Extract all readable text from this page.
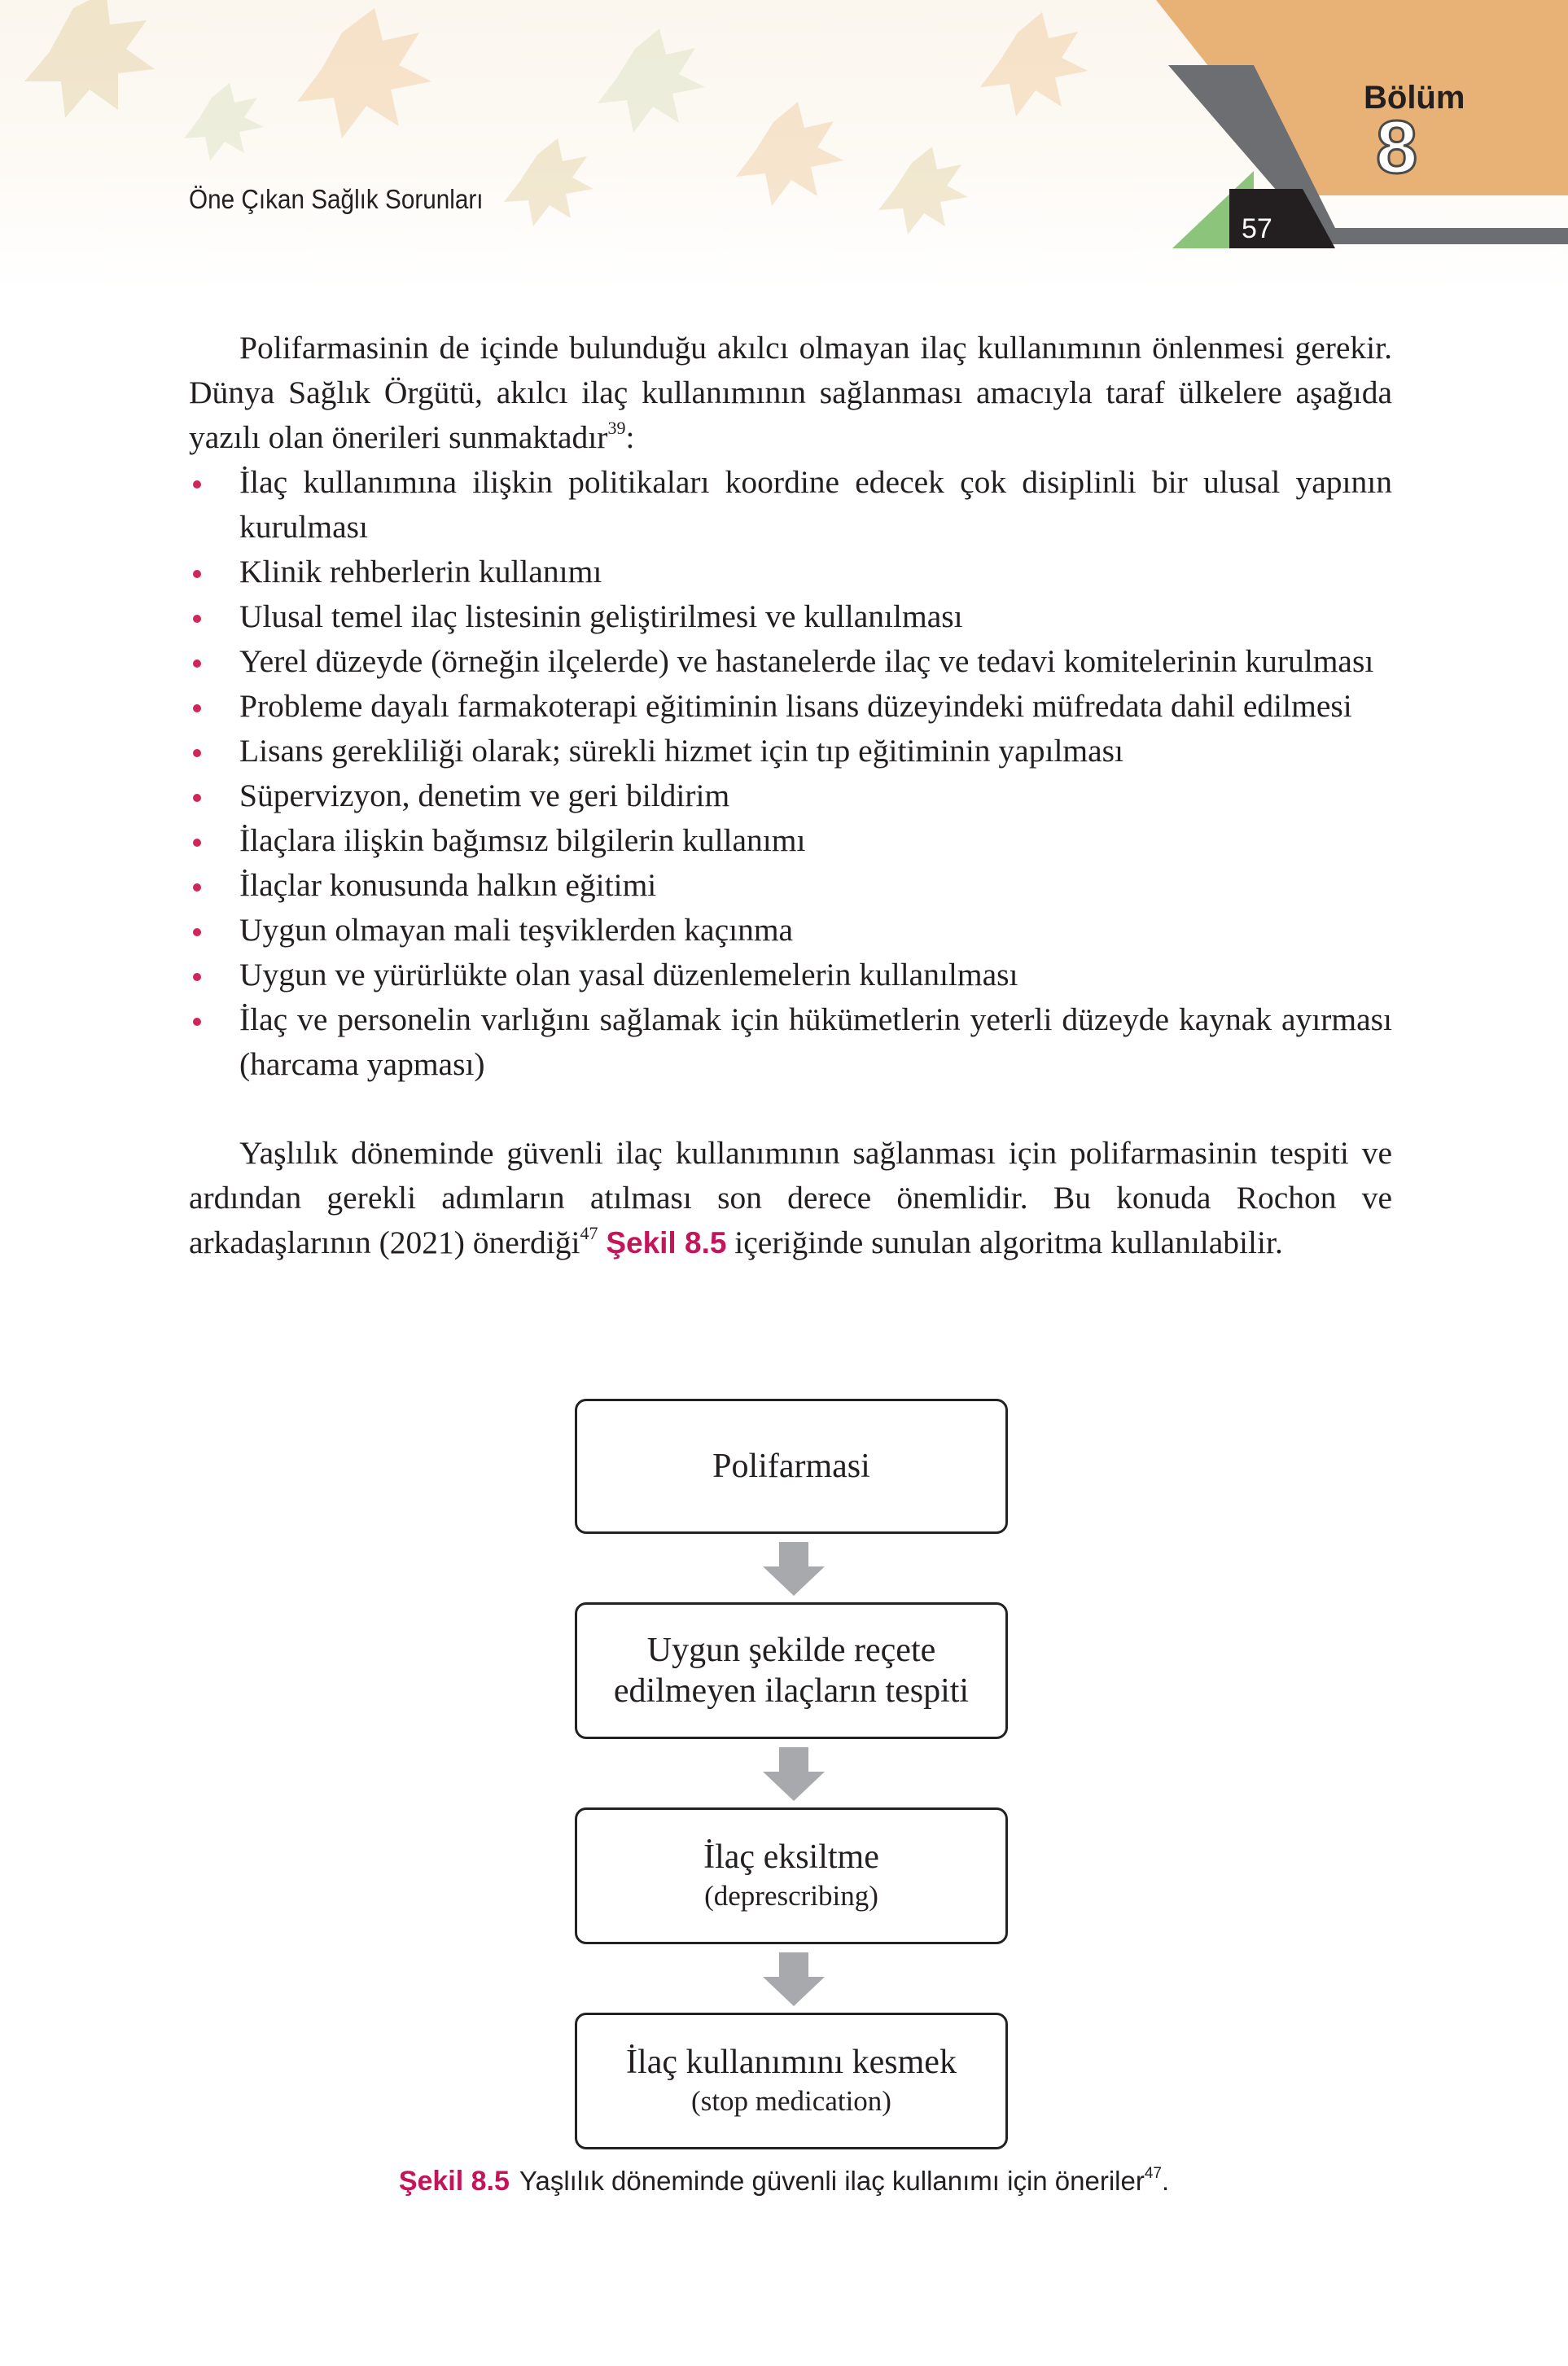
Öne Çıkan Sağlık Sorunları
Bölüm
8
57

Polifarmasinin de içinde bulunduğu akılcı olmayan ilaç kullanımının önlenmesi gerekir. Dünya Sağlık Örgütü, akılcı ilaç kullanımının sağlanması amacıyla taraf ülkelere aşağıda yazılı olan önerileri sunmaktadır$^{39}$:

İlaç kullanımına ilişkin politikaları koordine edecek çok disiplinli bir ulusal yapının kurulması
Klinik rehberlerin kullanımı
Ulusal temel ilaç listesinin geliştirilmesi ve kullanılması
Yerel düzeyde (örneğin ilçelerde) ve hastanelerde ilaç ve tedavi komitelerinin kurulması
Probleme dayalı farmakoterapi eğitiminin lisans düzeyindeki müfredata dahil edilmesi
Lisans gerekliliği olarak; sürekli hizmet için tıp eğitiminin yapılması
Süpervizyon, denetim ve geri bildirim
İlaçlara ilişkin bağımsız bilgilerin kullanımı
İlaçlar konusunda halkın eğitimi
Uygun olmayan mali teşviklerden kaçınma
Uygun ve yürürlükte olan yasal düzenlemelerin kullanılması
İlaç ve personelin varlığını sağlamak için hükümetlerin yeterli düzeyde kaynak ayırması (harcama yapması)

Yaşlılık döneminde güvenli ilaç kullanımının sağlanması için polifarmasinin tespiti ve ardından gerekli adımların atılması son derece önemlidir. Bu konuda Rochon ve arkadaşlarının (2021) önerdiği$^{47}$ Şekil 8.5 içeriğinde sunulan algoritma kullanılabilir.

Polifarmasi
Uygun şekilde reçete edilmeyen ilaçların tespiti
İlaç eksiltme
(deprescribing)
İlaç kullanımını kesmek
(stop medication)
Şekil 8.5 Yaşlılık döneminde güvenli ilaç kullanımı için öneriler$^{47}$.
